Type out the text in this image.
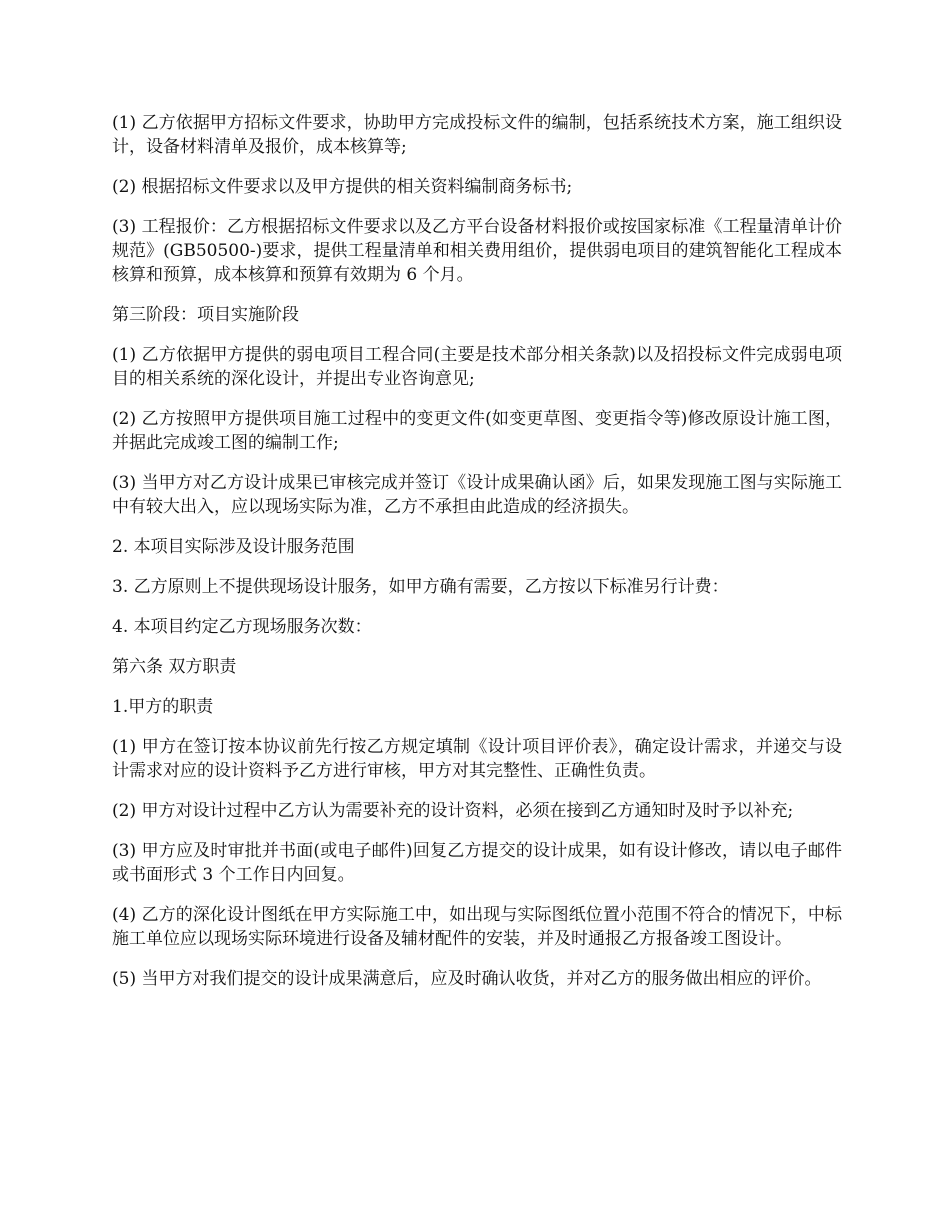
(1) 乙方依据甲方招标文件要求，协助甲方完成投标文件的编制，包括系统技术方案，施工组织设计，设备材料清单及报价，成本核算等;

(2) 根据招标文件要求以及甲方提供的相关资料编制商务标书;

(3) 工程报价：乙方根据招标文件要求以及乙方平台设备材料报价或按国家标准《工程量清单计价规范》(GB50500-)要求，提供工程量清单和相关费用组价，提供弱电项目的建筑智能化工程成本核算和预算，成本核算和预算有效期为 6 个月。

第三阶段：项目实施阶段

(1) 乙方依据甲方提供的弱电项目工程合同(主要是技术部分相关条款)以及招投标文件完成弱电项目的相关系统的深化设计，并提出专业咨询意见;

(2) 乙方按照甲方提供项目施工过程中的变更文件(如变更草图、变更指令等)修改原设计施工图，并据此完成竣工图的编制工作;

(3) 当甲方对乙方设计成果已审核完成并签订《设计成果确认函》后，如果发现施工图与实际施工中有较大出入，应以现场实际为准，乙方不承担由此造成的经济损失。

2. 本项目实际涉及设计服务范围

3. 乙方原则上不提供现场设计服务，如甲方确有需要，乙方按以下标准另行计费：

4. 本项目约定乙方现场服务次数：

第六条 双方职责

1.甲方的职责

(1) 甲方在签订按本协议前先行按乙方规定填制《设计项目评价表》，确定设计需求，并递交与设计需求对应的设计资料予乙方进行审核，甲方对其完整性、正确性负责。

(2) 甲方对设计过程中乙方认为需要补充的设计资料，必须在接到乙方通知时及时予以补充;

(3) 甲方应及时审批并书面(或电子邮件)回复乙方提交的设计成果，如有设计修改，请以电子邮件或书面形式 3 个工作日内回复。

(4) 乙方的深化设计图纸在甲方实际施工中，如出现与实际图纸位置小范围不符合的情况下，中标施工单位应以现场实际环境进行设备及辅材配件的安装，并及时通报乙方报备竣工图设计。

(5) 当甲方对我们提交的设计成果满意后，应及时确认收货，并对乙方的服务做出相应的评价。
